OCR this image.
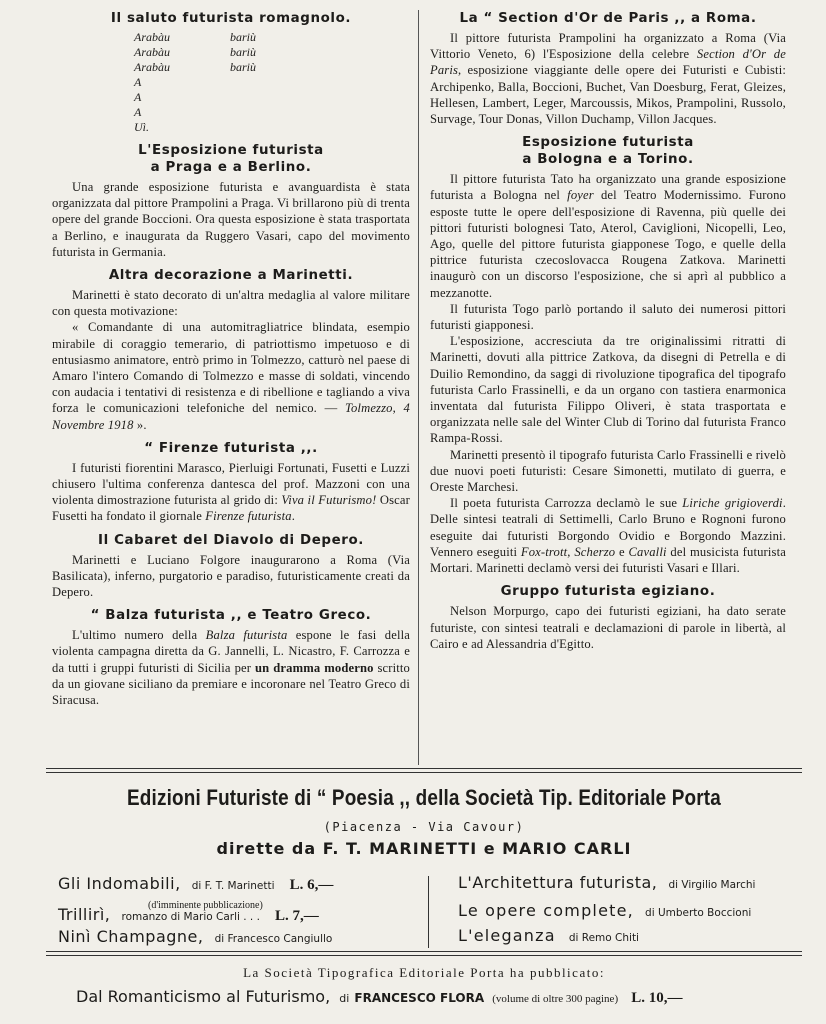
Il saluto futurista romagnolo.
Arabàu	bariù
Arabàu	bariù
Arabàu	bariù
A
A
A
Uì.
L'Esposizione futurista
a Praga e a Berlino.

Una grande esposizione futurista e avanguardista è stata organizzata dal pittore Prampolini a Praga. Vi brillarono più di trenta opere del grande Boccioni. Ora questa esposizione è stata trasportata a Berlino, e inaugurata da Ruggero Vasari, capo del movimento futurista in Germania.

Altra decorazione a Marinetti.

Marinetti è stato decorato di un'altra medaglia al valore militare con questa motivazione:

« Comandante di una automitragliatrice blindata, esempio mirabile di coraggio temerario, di patriottismo impetuoso e di entusiasmo animatore, entrò primo in Tolmezzo, catturò nel paese di Amaro l'intero Comando di Tolmezzo e masse di soldati, vincendo con audacia i tentativi di resistenza e di ribellione e tagliando a viva forza le comunicazioni telefoniche del nemico. — Tolmezzo, 4 Novembre 1918 ».

“ Firenze futurista ,,.

I futuristi fiorentini Marasco, Pierluigi Fortunati, Fusetti e Luzzi chiusero l'ultima conferenza dantesca del prof. Mazzoni con una violenta dimostrazione futurista al grido di: Viva il Futurismo! Oscar Fusetti ha fondato il giornale Firenze futurista.

Il Cabaret del Diavolo di Depero.

Marinetti e Luciano Folgore inaugurarono a Roma (Via Basilicata), inferno, purgatorio e paradiso, futuristicamente creati da Depero.

“ Balza futurista ,, e Teatro Greco.

L'ultimo numero della Balza futurista espone le fasi della violenta campagna diretta da G. Jannelli, L. Nicastro, F. Carrozza e da tutti i gruppi futuristi di Sicilia per un dramma moderno scritto da un giovane siciliano da premiare e incoronare nel Teatro Greco di Siracusa.

La “ Section d'Or de Paris ,, a Roma.

Il pittore futurista Prampolini ha organizzato a Roma (Via Vittorio Veneto, 6) l'Esposizione della celebre Section d'Or de Paris, esposizione viaggiante delle opere dei Futuristi e Cubisti: Archipenko, Balla, Boccioni, Buchet, Van Doesburg, Ferat, Gleizes, Hellesen, Lambert, Leger, Marcoussis, Mikos, Prampolini, Russolo, Survage, Tour Donas, Villon Duchamp, Villon Jacques.

Esposizione futurista
a Bologna e a Torino.

Il pittore futurista Tato ha organizzato una grande esposizione futurista a Bologna nel foyer del Teatro Modernissimo. Furono esposte tutte le opere dell'esposizione di Ravenna, più quelle dei pittori futuristi bolognesi Tato, Aterol, Caviglioni, Nicopelli, Leo, Ago, quelle del pittore futurista giapponese Togo, e quelle della pittrice futurista czecoslovacca Rougena Zatkova. Marinetti inaugurò con un discorso l'esposizione, che si aprì al pubblico a mezzanotte.

Il futurista Togo parlò portando il saluto dei numerosi pittori futuristi giapponesi.

L'esposizione, accresciuta da tre originalissimi ritratti di Marinetti, dovuti alla pittrice Zatkova, da disegni di Petrella e di Duilio Remondino, da saggi di rivoluzione tipografica del tipografo futurista Carlo Frassinelli, e da un organo con tastiera enarmonica inventata dal futurista Filippo Oliveri, è stata trasportata e organizzata nelle sale del Winter Club di Torino dal futurista Franco Rampa-Rossi.

Marinetti presentò il tipografo futurista Carlo Frassinelli e rivelò due nuovi poeti futuristi: Cesare Simonetti, mutilato di guerra, e Oreste Marchesi.

Il poeta futurista Carrozza declamò le sue Liriche grigioverdi. Delle sintesi teatrali di Settimelli, Carlo Bruno e Rognoni furono eseguite dai futuristi Borgondo Ovidio e Borgondo Mazzini. Vennero eseguiti Fox-trott, Scherzo e Cavalli del musicista futurista Mortari. Marinetti declamò versi dei futuristi Vasari e Illari.

Gruppo futurista egiziano.

Nelson Morpurgo, capo dei futuristi egiziani, ha dato serate futuriste, con sintesi teatrali e declamazioni di parole in libertà, al Cairo e ad Alessandria d'Egitto.

Edizioni Futuriste di “ Poesia ,, della Società Tip. Editoriale Porta
(Piacenza - Via Cavour)
dirette da F. T. MARINETTI e MARIO CARLI
Gli Indomabili, di F. T. Marinetti L. 6,—
(d'imminente pubblicazione)
Trillirì, romanzo di Mario Carli . . . L. 7,—
Ninì Champagne, di Francesco Cangiullo
L'Architettura futurista, di Virgilio Marchi
Le opere complete, di Umberto Boccioni
L'eleganza di Remo Chiti
La Società Tipografica Editoriale Porta ha pubblicato:
Dal Romanticismo al Futurismo, di FRANCESCO FLORA (volume di oltre 300 pagine) L. 10,—
